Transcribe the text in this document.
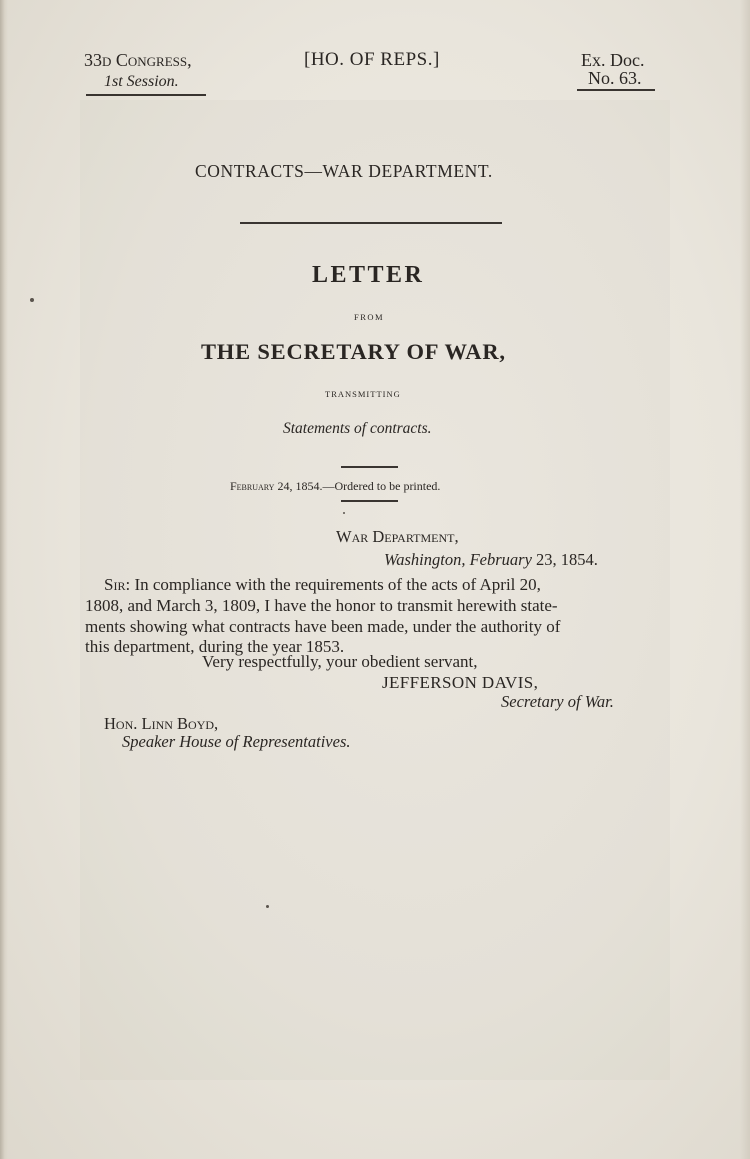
33d Congress,
1st Session.
[HO. OF REPS.]	Ex. Doc.
No. 63.
CONTRACTS—WAR DEPARTMENT.
LETTER
FROM
THE SECRETARY OF WAR,
TRANSMITTING
Statements of contracts.
February 24, 1854.—Ordered to be printed.
War Department,
Washington, February 23, 1854.
Sir: In compliance with the requirements of the acts of April 20,
1808, and March 3, 1809, I have the honor to transmit herewith state-
ments showing what contracts have been made, under the authority of
this department, during the year 1853.
Very respectfully, your obedient servant,
JEFFERSON DAVIS,
Secretary of War.
Hon. Linn Boyd,
Speaker House of Representatives.
